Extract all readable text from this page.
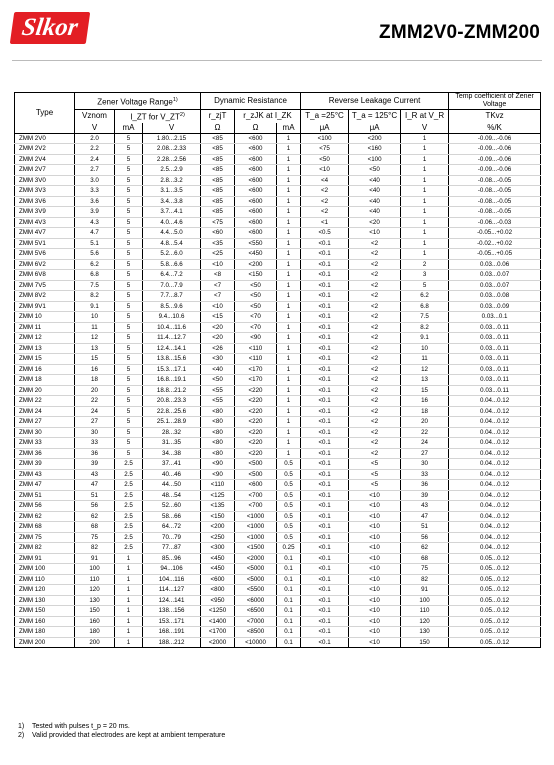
Slkor	ZMM2V0-ZMM200
Type	Zener Voltage Range$^{1)}$			Dynamic Resistance			Reverse Leakage Current			Temp coefficient of Zener Voltage
	Vznom	I_ZT for V_ZT$^{2)}$		r_zjT	r_zJK at I_ZK		T_a =25°C	T_a = 125°C	I_R at V_R	TKvz
	V	mA	V	Ω	Ω	mA	μA	μA	V	%/K
ZMM 2V0	2.0	5	1.80...2.15	<85	<600	1	<100	<200	1	-0.09...-0.06
ZMM 2V2	2.2	5	2.08...2.33	<85	<600	1	<75	<160	1	-0.09...-0.06
ZMM 2V4	2.4	5	2.28...2.56	<85	<600	1	<50	<100	1	-0.09...-0.06
ZMM 2V7	2.7	5	2.5...2.9	<85	<600	1	<10	<50	1	-0.09...-0.06
ZMM 3V0	3.0	5	2.8...3.2	<85	<600	1	<4	<40	1	-0.08...-0.05
ZMM 3V3	3.3	5	3.1...3.5	<85	<600	1	<2	<40	1	-0.08...-0.05
ZMM 3V6	3.6	5	3.4...3.8	<85	<600	1	<2	<40	1	-0.08...-0.05
ZMM 3V9	3.9	5	3.7...4.1	<85	<600	1	<2	<40	1	-0.08...-0.05
ZMM 4V3	4.3	5	4.0...4.6	<75	<600	1	<1	<20	1	-0.06...-0.03
ZMM 4V7	4.7	5	4.4...5.0	<60	<600	1	<0.5	<10	1	-0.05...+0.02
ZMM 5V1	5.1	5	4.8...5.4	<35	<550	1	<0.1	<2	1	-0.02...+0.02
ZMM 5V6	5.6	5	5.2...6.0	<25	<450	1	<0.1	<2	1	-0.05...+0.05
ZMM 6V2	6.2	5	5.8...6.6	<10	<200	1	<0.1	<2	2	0.03...0.06
ZMM 6V8	6.8	5	6.4...7.2	<8	<150	1	<0.1	<2	3	0.03...0.07
ZMM 7V5	7.5	5	7.0...7.9	<7	<50	1	<0.1	<2	5	0.03...0.07
ZMM 8V2	8.2	5	7.7...8.7	<7	<50	1	<0.1	<2	6.2	0.03...0.08
ZMM 9V1	9.1	5	8.5...9.6	<10	<50	1	<0.1	<2	6.8	0.03...0.09
ZMM 10	10	5	9.4...10.6	<15	<70	1	<0.1	<2	7.5	0.03...0.1
ZMM 11	11	5	10.4...11.6	<20	<70	1	<0.1	<2	8.2	0.03...0.11
ZMM 12	12	5	11.4...12.7	<20	<90	1	<0.1	<2	9.1	0.03...0.11
ZMM 13	13	5	12.4...14.1	<26	<110	1	<0.1	<2	10	0.03...0.11
ZMM 15	15	5	13.8...15.6	<30	<110	1	<0.1	<2	11	0.03...0.11
ZMM 16	16	5	15.3...17.1	<40	<170	1	<0.1	<2	12	0.03...0.11
ZMM 18	18	5	16.8...19.1	<50	<170	1	<0.1	<2	13	0.03...0.11
ZMM 20	20	5	18.8...21.2	<55	<220	1	<0.1	<2	15	0.03...0.11
ZMM 22	22	5	20.8...23.3	<55	<220	1	<0.1	<2	16	0.04...0.12
ZMM 24	24	5	22.8...25.6	<80	<220	1	<0.1	<2	18	0.04...0.12
ZMM 27	27	5	25.1...28.9	<80	<220	1	<0.1	<2	20	0.04...0.12
ZMM 30	30	5	28...32	<80	<220	1	<0.1	<2	22	0.04...0.12
ZMM 33	33	5	31...35	<80	<220	1	<0.1	<2	24	0.04...0.12
ZMM 36	36	5	34...38	<80	<220	1	<0.1	<2	27	0.04...0.12
ZMM 39	39	2.5	37...41	<90	<500	0.5	<0.1	<5	30	0.04...0.12
ZMM 43	43	2.5	40...46	<90	<500	0.5	<0.1	<5	33	0.04...0.12
ZMM 47	47	2.5	44...50	<110	<600	0.5	<0.1	<5	36	0.04...0.12
ZMM 51	51	2.5	48...54	<125	<700	0.5	<0.1	<10	39	0.04...0.12
ZMM 56	56	2.5	52...60	<135	<700	0.5	<0.1	<10	43	0.04...0.12
ZMM 62	62	2.5	58...66	<150	<1000	0.5	<0.1	<10	47	0.04...0.12
ZMM 68	68	2.5	64...72	<200	<1000	0.5	<0.1	<10	51	0.04...0.12
ZMM 75	75	2.5	70...79	<250	<1000	0.5	<0.1	<10	56	0.04...0.12
ZMM 82	82	2.5	77...87	<300	<1500	0.25	<0.1	<10	62	0.04...0.12
ZMM 91	91	1	85...96	<450	<2000	0.1	<0.1	<10	68	0.05...0.12
ZMM 100	100	1	94...106	<450	<5000	0.1	<0.1	<10	75	0.05...0.12
ZMM 110	110	1	104...116	<600	<5000	0.1	<0.1	<10	82	0.05...0.12
ZMM 120	120	1	114...127	<800	<5500	0.1	<0.1	<10	91	0.05...0.12
ZMM 130	130	1	124...141	<950	<6000	0.1	<0.1	<10	100	0.05...0.12
ZMM 150	150	1	138...156	<1250	<6500	0.1	<0.1	<10	110	0.05...0.12
ZMM 160	160	1	153...171	<1400	<7000	0.1	<0.1	<10	120	0.05...0.12
ZMM 180	180	1	168...191	<1700	<8500	0.1	<0.1	<10	130	0.05...0.12
ZMM 200	200	1	188...212	<2000	<10000	0.1	<0.1	<10	150	0.05...0.12
1) Tested with pulses t_p = 20 ms.
2) Valid provided that electrodes are kept at ambient temperature
